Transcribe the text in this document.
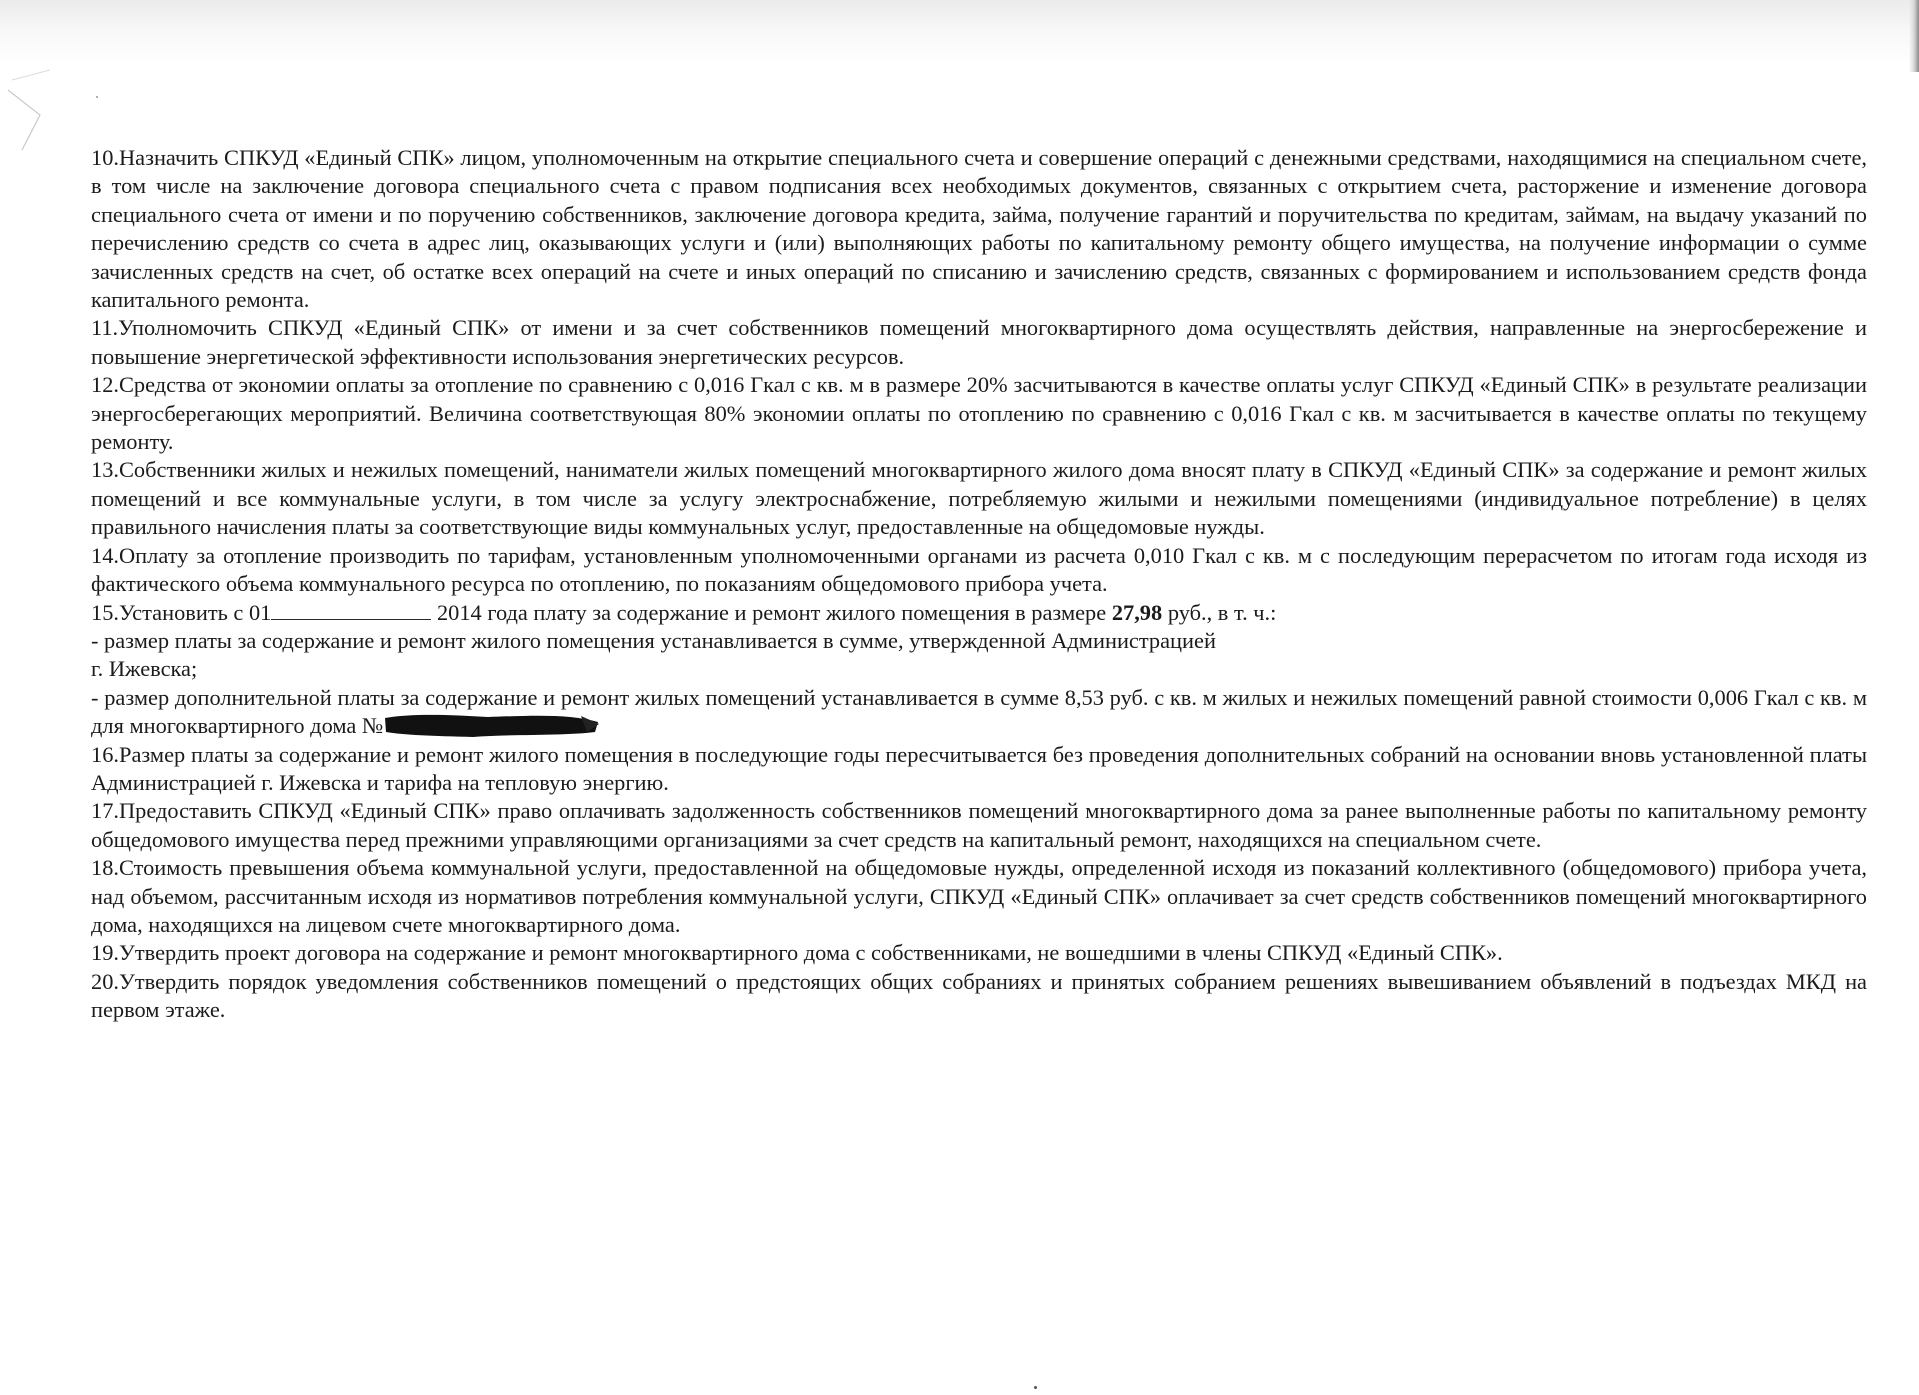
10.Назначить СПКУД «Единый СПК» лицом, уполномоченным на открытие специального счета и совершение операций с денежными средствами, находящимися на специальном счете, в том числе на заключение договора специального счета с правом подписания всех необходимых документов, связанных с открытием счета, расторжение и изменение договора специального счета от имени и по поручению собственников, заключение договора кредита, займа, получение гарантий и поручительства по кредитам, займам, на выдачу указаний по перечислению средств со счета в адрес лиц, оказывающих услуги и (или) выполняющих работы по капитальному ремонту общего имущества, на получение информации о сумме зачисленных средств на счет, об остатке всех операций на счете и иных операций по списанию и зачислению средств, связанных с формированием и использованием средств фонда капитального ремонта.

11.Уполномочить СПКУД «Единый СПК» от имени и за счет собственников помещений многоквартирного дома осуществлять действия, направленные на энергосбережение и повышение энергетической эффективности использования энергетических ресурсов.

12.Средства от экономии оплаты за отопление по сравнению с 0,016 Гкал с кв. м в размере 20% засчитываются в качестве оплаты услуг СПКУД «Единый СПК» в результате реализации энергосберегающих мероприятий. Величина соответствующая 80% экономии оплаты по отоплению по сравнению с 0,016 Гкал с кв. м засчитывается в качестве оплаты по текущему ремонту.

13.Собственники жилых и нежилых помещений, наниматели жилых помещений многоквартирного жилого дома вносят плату в СПКУД «Единый СПК» за содержание и ремонт жилых помещений и все коммунальные услуги, в том числе за услугу электроснабжение, потребляемую жилыми и нежилыми помещениями (индивидуальное потребление) в целях правильного начисления платы за соответствующие виды коммунальных услуг, предоставленные на общедомовые нужды.

14.Оплату за отопление производить по тарифам, установленным уполномоченными органами из расчета 0,010 Гкал с кв. м с последующим перерасчетом по итогам года исходя из фактического объема коммунального ресурса по отоплению, по показаниям общедомового прибора учета.

15.Установить с 01	2014 года плату за содержание и ремонт жилого помещения в размере 27,98 руб., в т. ч.:

- размер платы за содержание и ремонт жилого помещения устанавливается в сумме, утвержденной Администрацией

г. Ижевска;

- размер дополнительной платы за содержание и ремонт жилых помещений устанавливается в сумме 8,53 руб. с кв. м жилых и нежилых помещений равной стоимости 0,006 Гкал с кв. м для многоквартирного дома №

16.Размер платы за содержание и ремонт жилого помещения в последующие годы пересчитывается без проведения дополнительных собраний на основании вновь установленной платы Администрацией г. Ижевска и тарифа на тепловую энергию.

17.Предоставить СПКУД «Единый СПК» право оплачивать задолженность собственников помещений многоквартирного дома за ранее выполненные работы по капитальному ремонту общедомового имущества перед прежними управляющими организациями за счет средств на капитальный ремонт, находящихся на специальном счете.

18.Стоимость превышения объема коммунальной услуги, предоставленной на общедомовые нужды, определенной исходя из показаний коллективного (общедомового) прибора учета, над объемом, рассчитанным исходя из нормативов потребления коммунальной услуги, СПКУД «Единый СПК» оплачивает за счет средств собственников помещений многоквартирного дома, находящихся на лицевом счете многоквартирного дома.

19.Утвердить проект договора на содержание и ремонт многоквартирного дома с собственниками, не вошедшими в члены СПКУД «Единый СПК».

20.Утвердить порядок уведомления собственников помещений о предстоящих общих собраниях и принятых собранием решениях вывешиванием объявлений в подъездах МКД на первом этаже.
